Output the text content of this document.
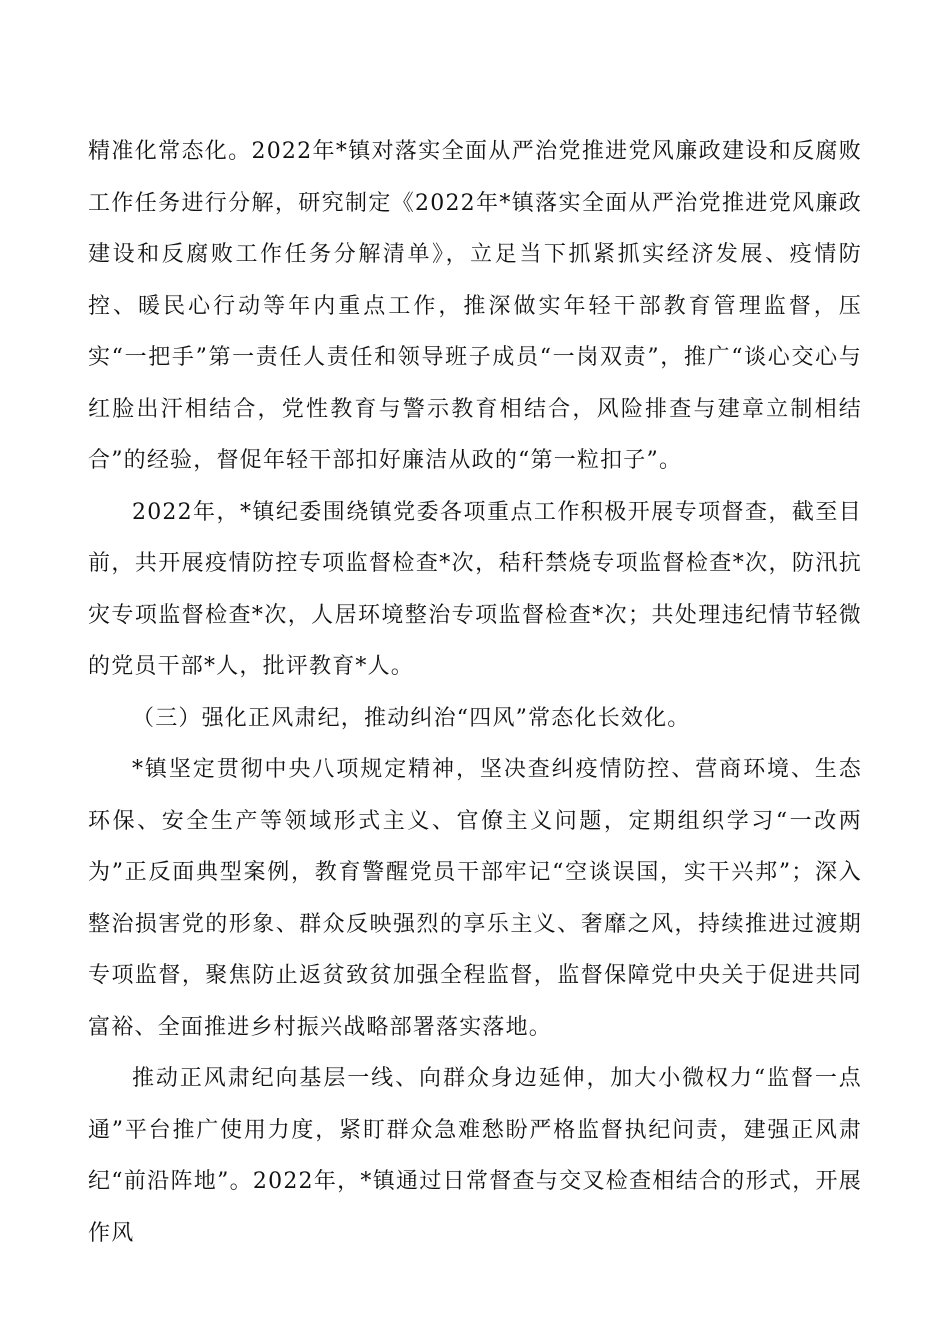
精准化常态化。2022年*镇对落实全面从严治党推进党风廉政建设和反腐败工作任务进行分解，研究制定《2022年*镇落实全面从严治党推进党风廉政建设和反腐败工作任务分解清单》，立足当下抓紧抓实经济发展、疫情防控、暖民心行动等年内重点工作，推深做实年轻干部教育管理监督，压实“一把手”第一责任人责任和领导班子成员“一岗双责”，推广“谈心交心与红脸出汗相结合，党性教育与警示教育相结合，风险排查与建章立制相结合”的经验，督促年轻干部扣好廉洁从政的“第一粒扣子”。

2022年，*镇纪委围绕镇党委各项重点工作积极开展专项督查，截至目前，共开展疫情防控专项监督检查*次，秸秆禁烧专项监督检查*次，防汛抗灾专项监督检查*次，人居环境整治专项监督检查*次；共处理违纪情节轻微的党员干部*人，批评教育*人。

（三）强化正风肃纪，推动纠治“四风”常态化长效化。

*镇坚定贯彻中央八项规定精神，坚决查纠疫情防控、营商环境、生态环保、安全生产等领域形式主义、官僚主义问题，定期组织学习“一改两为”正反面典型案例，教育警醒党员干部牢记“空谈误国，实干兴邦”；深入整治损害党的形象、群众反映强烈的享乐主义、奢靡之风，持续推进过渡期专项监督，聚焦防止返贫致贫加强全程监督，监督保障党中央关于促进共同富裕、全面推进乡村振兴战略部署落实落地。

推动正风肃纪向基层一线、向群众身边延伸，加大小微权力“监督一点通”平台推广使用力度，紧盯群众急难愁盼严格监督执纪问责，建强正风肃纪“前沿阵地”。2022年，*镇通过日常督查与交叉检查相结合的形式，开展作风
